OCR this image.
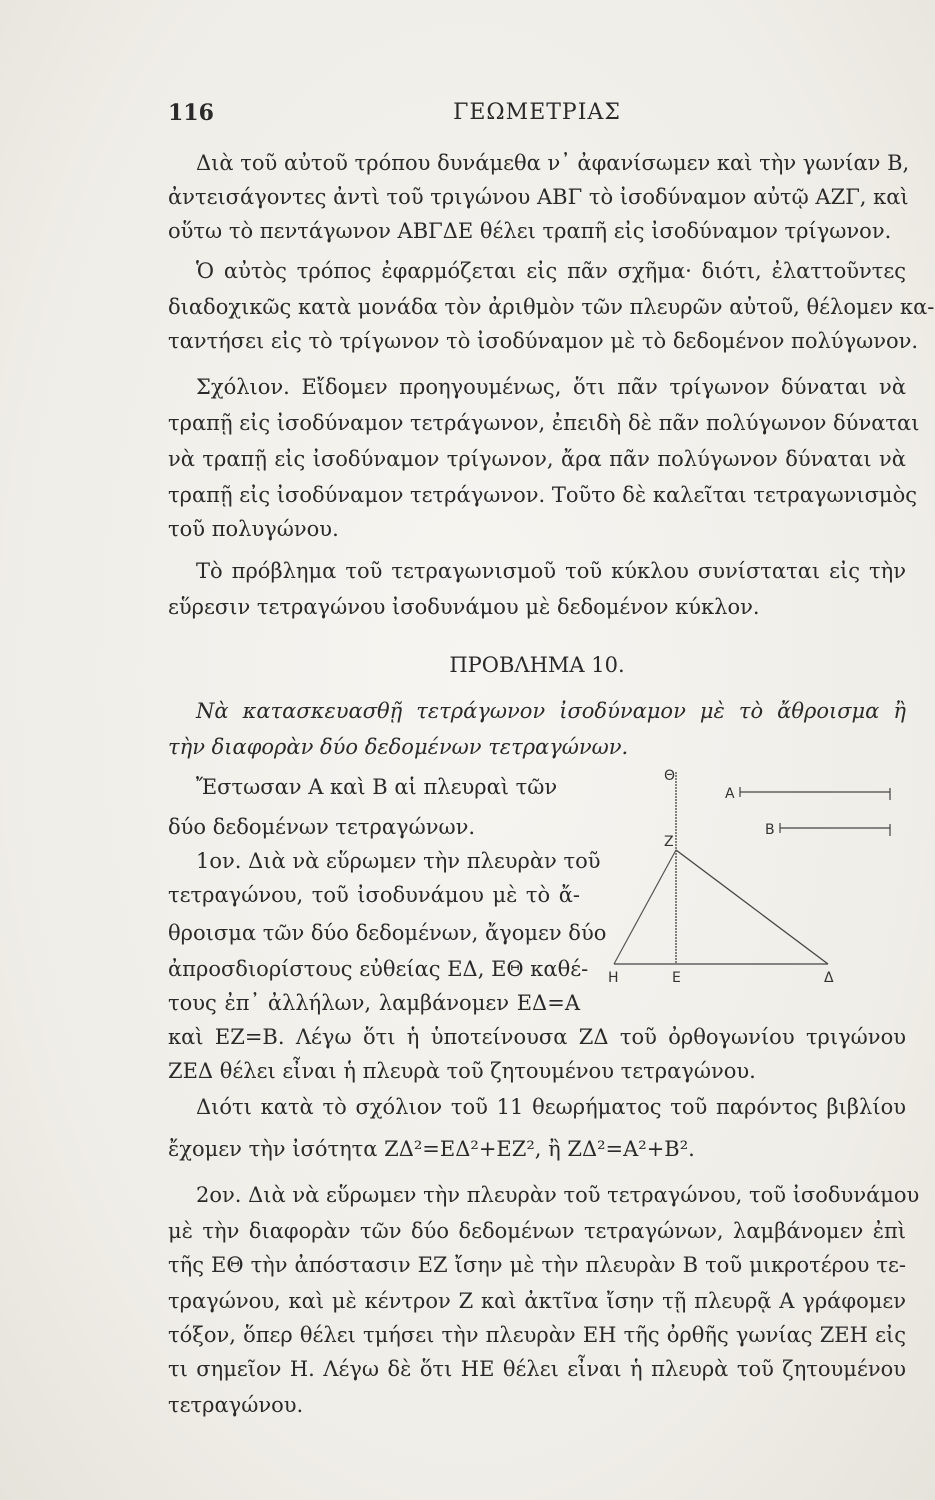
116	ΓΕΩΜΕΤΡΙΑΣ
Διὰ τοῦ αὐτοῦ τρόπου δυνάμεθα ν᾿ ἀφανίσωμεν καὶ τὴν γωνίαν Β,
ἀντεισάγοντες ἀντὶ τοῦ τριγώνου ΑΒΓ τὸ ἰσοδύναμον αὐτῷ ΑΖΓ, καὶ
οὕτω τὸ πεντάγωνον ΑΒΓΔΕ θέλει τραπῆ εἰς ἰσοδύναμον τρίγωνον.
Ὁ αὐτὸς τρόπος ἐφαρμόζεται εἰς πᾶν σχῆμα· διότι, ἐλαττοῦντες
διαδοχικῶς κατὰ μονάδα τὸν ἀριθμὸν τῶν πλευρῶν αὐτοῦ, θέλομεν κα-
ταντήσει εἰς τὸ τρίγωνον τὸ ἰσοδύναμον μὲ τὸ δεδομένον πολύγωνον.
Σχόλιον. Εἴδομεν προηγουμένως, ὅτι πᾶν τρίγωνον δύναται νὰ
τραπῇ εἰς ἰσοδύναμον τετράγωνον, ἐπειδὴ δὲ πᾶν πολύγωνον δύναται
νὰ τραπῇ εἰς ἰσοδύναμον τρίγωνον, ἄρα πᾶν πολύγωνον δύναται νὰ
τραπῇ εἰς ἰσοδύναμον τετράγωνον. Τοῦτο δὲ καλεῖται τετραγωνισμὸς
τοῦ πολυγώνου.
Τὸ πρόβλημα τοῦ τετραγωνισμοῦ τοῦ κύκλου συνίσταται εἰς τὴν
εὕρεσιν τετραγώνου ἰσοδυνάμου μὲ δεδομένον κύκλον.
ΠΡΟΒΛΗΜΑ 10.
Νὰ κατασκευασθῇ τετράγωνον ἰσοδύναμον μὲ τὸ ἄθροισμα ἢ
τὴν διαφορὰν δύο δεδομένων τετραγώνων.
Ἔστωσαν Α καὶ Β αἱ πλευραὶ τῶν
δύο δεδομένων τετραγώνων.
1ον. Διὰ νὰ εὕρωμεν τὴν πλευρὰν τοῦ
τετραγώνου, τοῦ ἰσοδυνάμου μὲ τὸ ἄ-
θροισμα τῶν δύο δεδομένων, ἄγομεν δύο
ἀπροσδιορίστους εὐθείας ΕΔ, ΕΘ καθέ-
τους ἐπ᾿ ἀλλήλων, λαμβάνομεν ΕΔ=Α
καὶ ΕΖ=Β. Λέγω ὅτι ἡ ὑποτείνουσα ΖΔ τοῦ ὀρθογωνίου τριγώνου
ΖΕΔ θέλει εἶναι ἡ πλευρὰ τοῦ ζητουμένου τετραγώνου.
Διότι κατὰ τὸ σχόλιον τοῦ 11 θεωρήματος τοῦ παρόντος βιβλίου
ἔχομεν τὴν ἰσότητα ZΔ²=EΔ²+EZ², ἢ ZΔ²=A²+B².
2ον. Διὰ νὰ εὕρωμεν τὴν πλευρὰν τοῦ τετραγώνου, τοῦ ἰσοδυνάμου
μὲ τὴν διαφορὰν τῶν δύο δεδομένων τετραγώνων, λαμβάνομεν ἐπὶ
τῆς ΕΘ τὴν ἀπόστασιν ΕΖ ἴσην μὲ τὴν πλευρὰν Β τοῦ μικροτέρου τε-
τραγώνου, καὶ μὲ κέντρον Ζ καὶ ἀκτῖνα ἴσην τῇ πλευρᾷ Α γράφομεν
τόξον, ὅπερ θέλει τμήσει τὴν πλευρὰν ΕΗ τῆς ὀρθῆς γωνίας ΖΕΗ εἰς
τι σημεῖον Η. Λέγω δὲ ὅτι ΗΕ θέλει εἶναι ἡ πλευρὰ τοῦ ζητουμένου
τετραγώνου.
Θ
Α
Β
Ζ
Η	Ε	Δ
